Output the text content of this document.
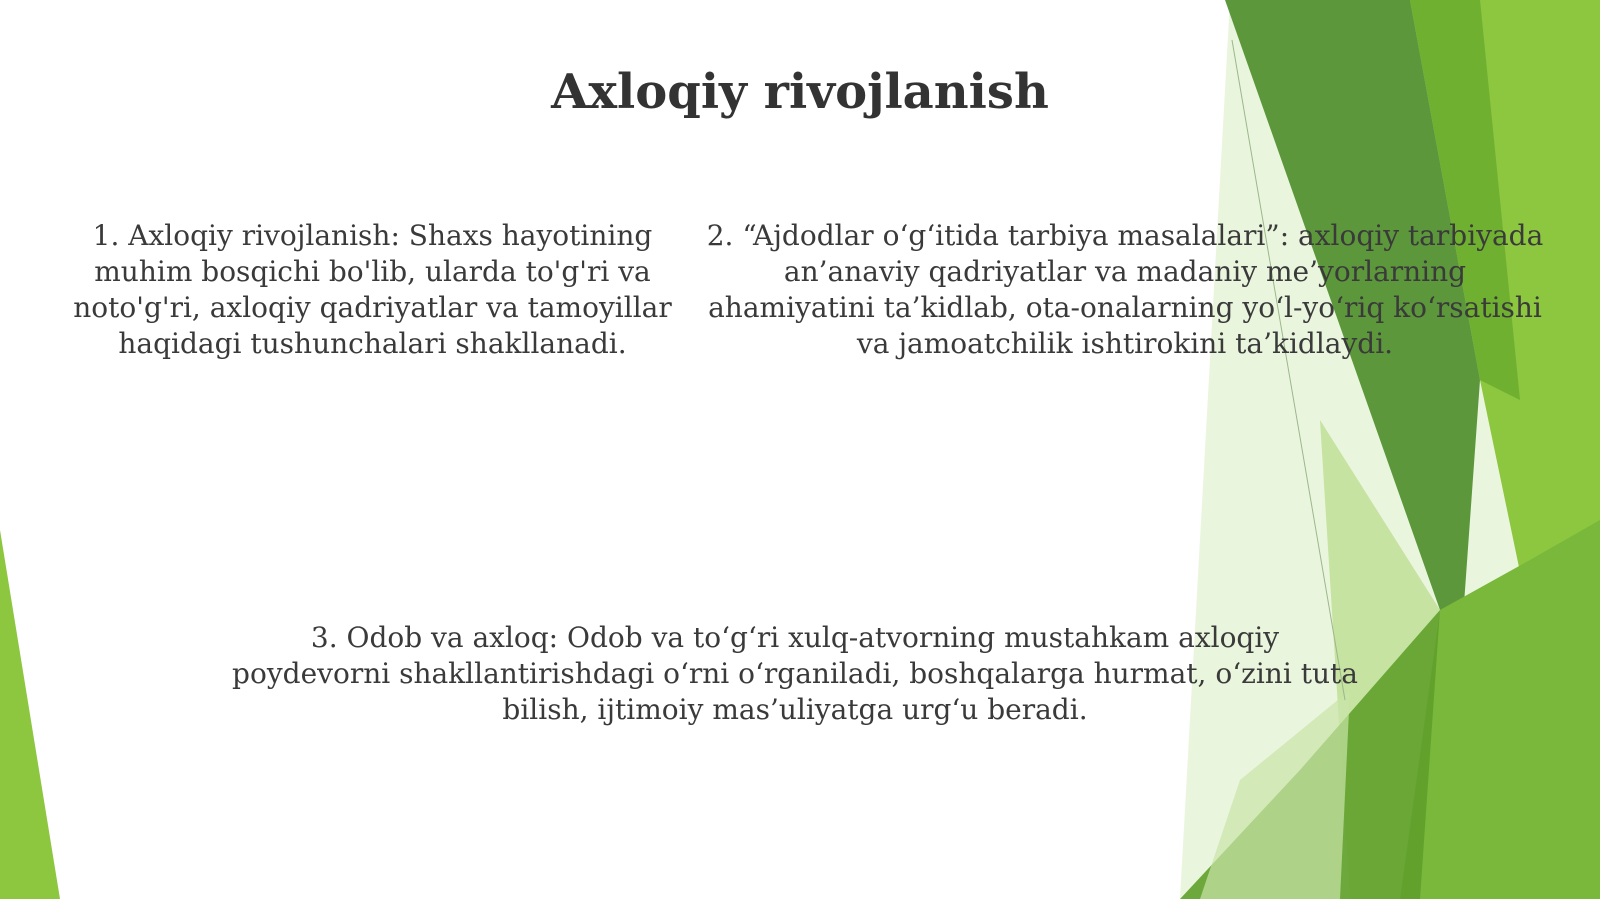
Axloqiy rivojlanish

1. Axloqiy rivojlanish: Shaxs hayotining muhim bosqichi bo'lib, ularda to'g'ri va noto'g'ri, axloqiy qadriyatlar va tamoyillar haqidagi tushunchalari shakllanadi.

2. “Ajdodlar o‘g‘itida tarbiya masalalari”: axloqiy tarbiyada an’anaviy qadriyatlar va madaniy me’yorlarning ahamiyatini ta’kidlab, ota-onalarning yo‘l-yo‘riq ko‘rsatishi va jamoatchilik ishtirokini ta’kidlaydi.

3. Odob va axloq: Odob va to‘g‘ri xulq-atvorning mustahkam axloqiy poydevorni shakllantirishdagi o‘rni o‘rganiladi, boshqalarga hurmat, o‘zini tuta bilish, ijtimoiy mas’uliyatga urg‘u beradi.
